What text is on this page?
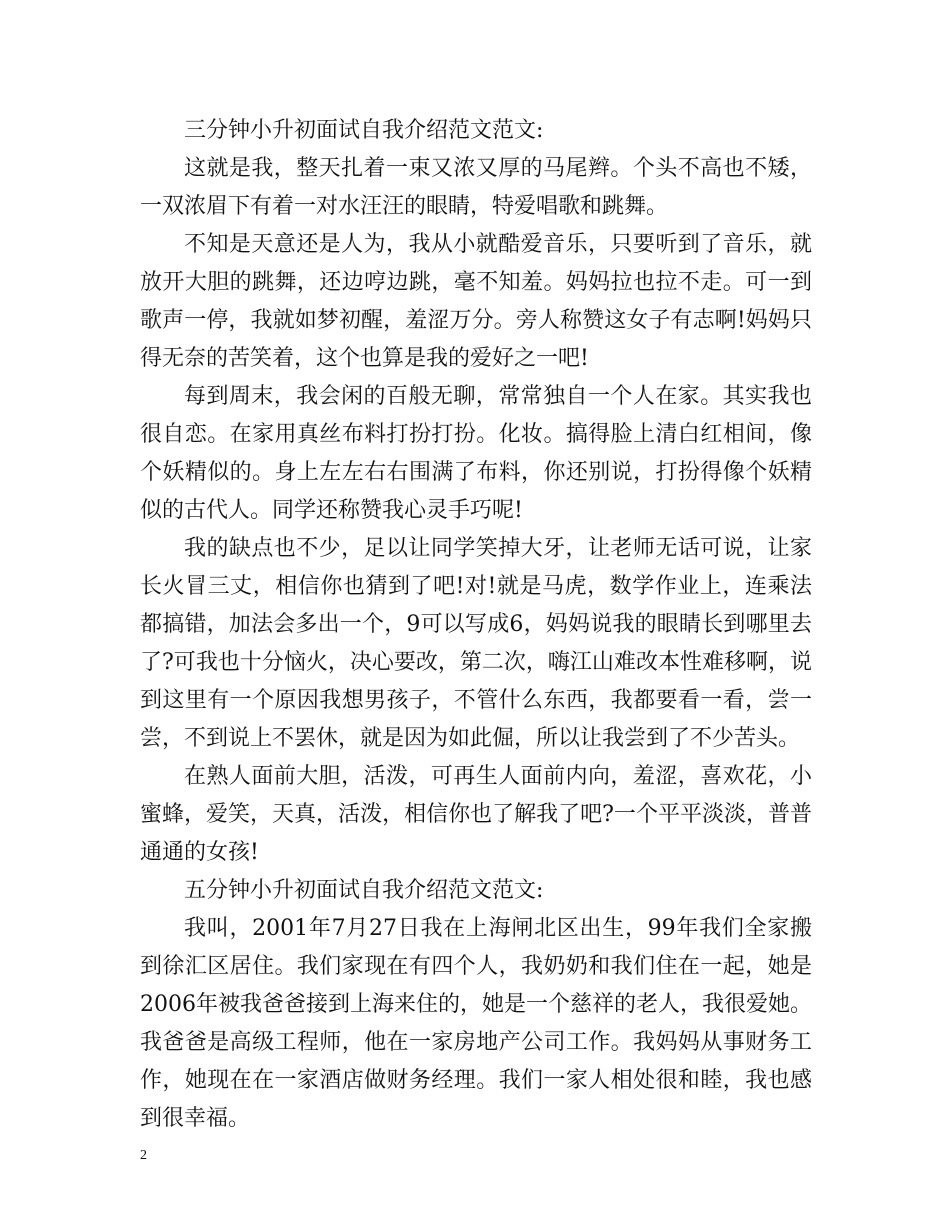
三分钟小升初面试自我介绍范文范文:

这就是我，整天扎着一束又浓又厚的马尾辫。个头不高也不矮，一双浓眉下有着一对水汪汪的眼睛，特爱唱歌和跳舞。

不知是天意还是人为，我从小就酷爱音乐，只要听到了音乐，就放开大胆的跳舞，还边哼边跳，毫不知羞。妈妈拉也拉不走。可一到歌声一停，我就如梦初醒，羞涩万分。旁人称赞这女子有志啊!妈妈只得无奈的苦笑着，这个也算是我的爱好之一吧!

每到周末，我会闲的百般无聊，常常独自一个人在家。其实我也很自恋。在家用真丝布料打扮打扮。化妆。搞得脸上清白红相间，像个妖精似的。身上左左右右围满了布料，你还别说，打扮得像个妖精似的古代人。同学还称赞我心灵手巧呢!

我的缺点也不少，足以让同学笑掉大牙，让老师无话可说，让家长火冒三丈，相信你也猜到了吧!对!就是马虎，数学作业上，连乘法都搞错，加法会多出一个，9可以写成6，妈妈说我的眼睛长到哪里去了?可我也十分恼火，决心要改，第二次，嗨江山难改本性难移啊，说到这里有一个原因我想男孩子，不管什么东西，我都要看一看，尝一尝，不到说上不罢休，就是因为如此倔，所以让我尝到了不少苦头。

在熟人面前大胆，活泼，可再生人面前内向，羞涩，喜欢花，小蜜蜂，爱笑，天真，活泼，相信你也了解我了吧?一个平平淡淡，普普通通的女孩!

五分钟小升初面试自我介绍范文范文:

我叫，2001年7月27日我在上海闸北区出生，99年我们全家搬到徐汇区居住。我们家现在有四个人，我奶奶和我们住在一起，她是2006年被我爸爸接到上海来住的，她是一个慈祥的老人，我很爱她。我爸爸是高级工程师，他在一家房地产公司工作。我妈妈从事财务工作，她现在在一家酒店做财务经理。我们一家人相处很和睦，我也感到很幸福。

2
